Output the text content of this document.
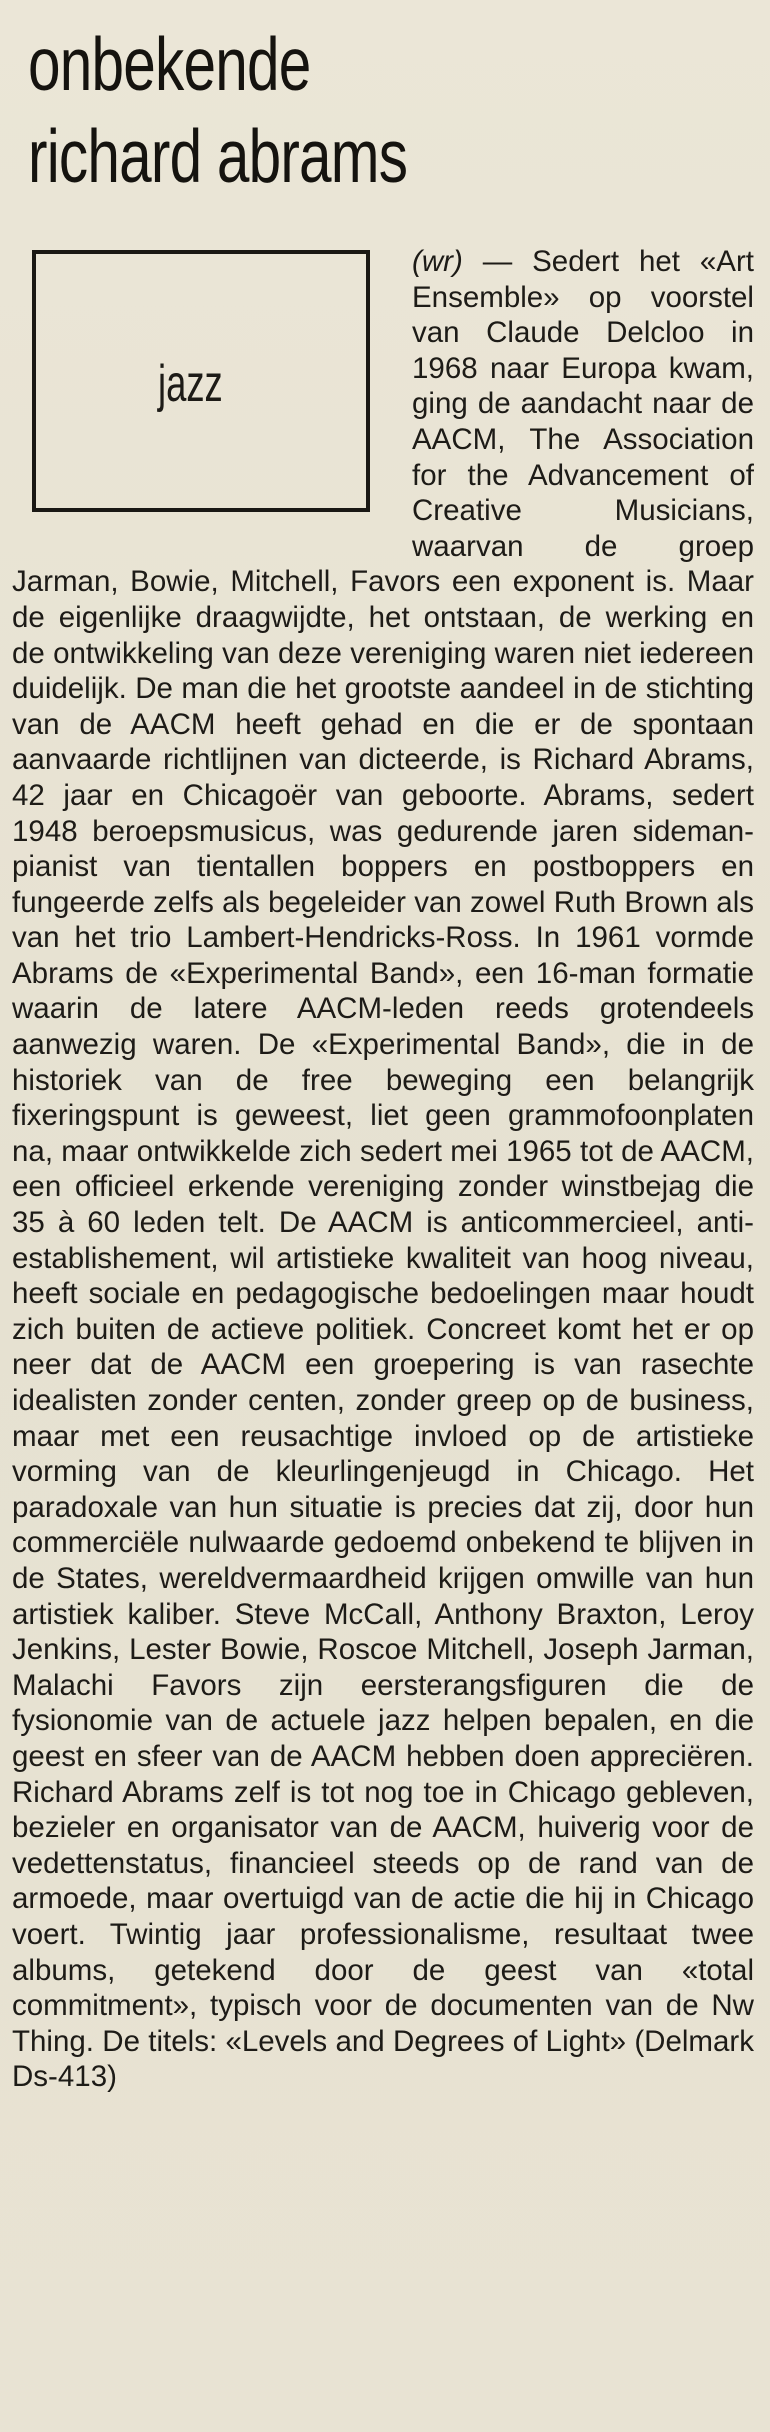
onbekende
richard abrams
jazz

(wr) — Sedert het «Art Ensemble» op voorstel van Claude Delcloo in 1968 naar Europa kwam, ging de aandacht naar de AACM, The Association for the Advancement of Creative Musicians, waarvan de groep Jarman, Bowie, Mitchell, Favors een exponent is. Maar de eigenlijke draagwijdte, het ontstaan, de werking en de ontwikkeling van deze vereniging waren niet iedereen duidelijk. De man die het grootste aandeel in de stichting van de AACM heeft gehad en die er de spontaan aanvaarde richtlijnen van dicteerde, is Richard Abrams, 42 jaar en Chicagoër van geboorte. Abrams, sedert 1948 beroepsmusicus, was gedurende jaren sideman-pianist van tientallen boppers en postboppers en fungeerde zelfs als begeleider van zowel Ruth Brown als van het trio Lambert-Hendricks-Ross. In 1961 vormde Abrams de «Experimental Band», een 16-man formatie waarin de latere AACM-leden reeds grotendeels aanwezig waren. De «Experimental Band», die in de historiek van de free beweging een belangrijk fixeringspunt is geweest, liet geen grammofoonplaten na, maar ontwikkelde zich sedert mei 1965 tot de AACM, een officieel erkende vereniging zonder winstbejag die 35 à 60 leden telt. De AACM is anticommercieel, anti-establishement, wil artistieke kwaliteit van hoog niveau, heeft sociale en pedagogische bedoelingen maar houdt zich buiten de actieve politiek. Concreet komt het er op neer dat de AACM een groepering is van rasechte idealisten zonder centen, zonder greep op de business, maar met een reusachtige invloed op de artistieke vorming van de kleurlingenjeugd in Chicago. Het paradoxale van hun situatie is precies dat zij, door hun commerciële nulwaarde gedoemd onbekend te blijven in de States, wereldvermaardheid krijgen omwille van hun artistiek kaliber. Steve McCall, Anthony Braxton, Leroy Jenkins, Lester Bowie, Roscoe Mitchell, Joseph Jarman, Malachi Favors zijn eersterangsfiguren die de fysionomie van de actuele jazz helpen bepalen, en die geest en sfeer van de AACM hebben doen appreciëren. Richard Abrams zelf is tot nog toe in Chicago gebleven, bezieler en organisator van de AACM, huiverig voor de vedettenstatus, financieel steeds op de rand van de armoede, maar overtuigd van de actie die hij in Chicago voert. Twintig jaar professionalisme, resultaat twee albums, getekend door de geest van «total commitment», typisch voor de documenten van de Nw Thing. De titels: «Levels and Degrees of Light» (Delmark Ds-413)
